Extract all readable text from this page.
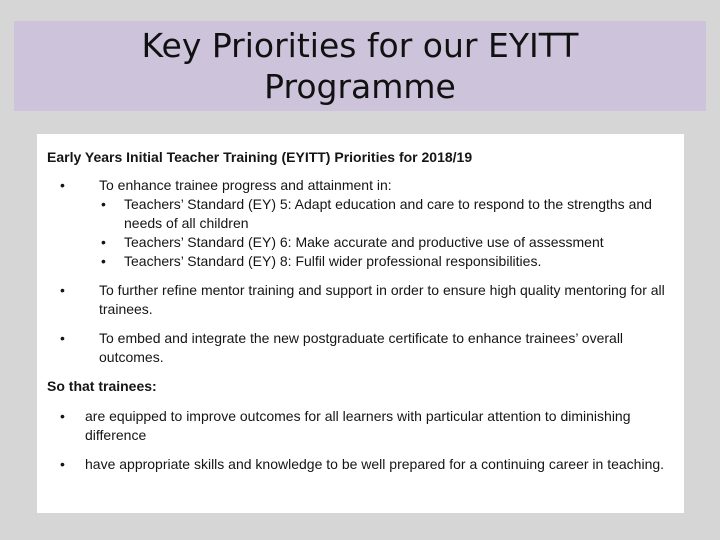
Key Priorities for our EYITT
Programme
Early Years Initial Teacher Training (EYITT) Priorities for 2018/19
• To enhance trainee progress and attainment in:
• Teachers’ Standard (EY) 5: Adapt education and care to respond to the strengths and needs of all children
• Teachers’ Standard (EY) 6: Make accurate and productive use of assessment
• Teachers’ Standard (EY) 8: Fulfil wider professional responsibilities.
• To further refine mentor training and support in order to ensure high quality mentoring for all trainees.
• To embed and integrate the new postgraduate certificate to enhance trainees’ overall outcomes.
So that trainees:
• are equipped to improve outcomes for all learners with particular attention to diminishing difference
• have appropriate skills and knowledge to be well prepared for a continuing career in teaching.
